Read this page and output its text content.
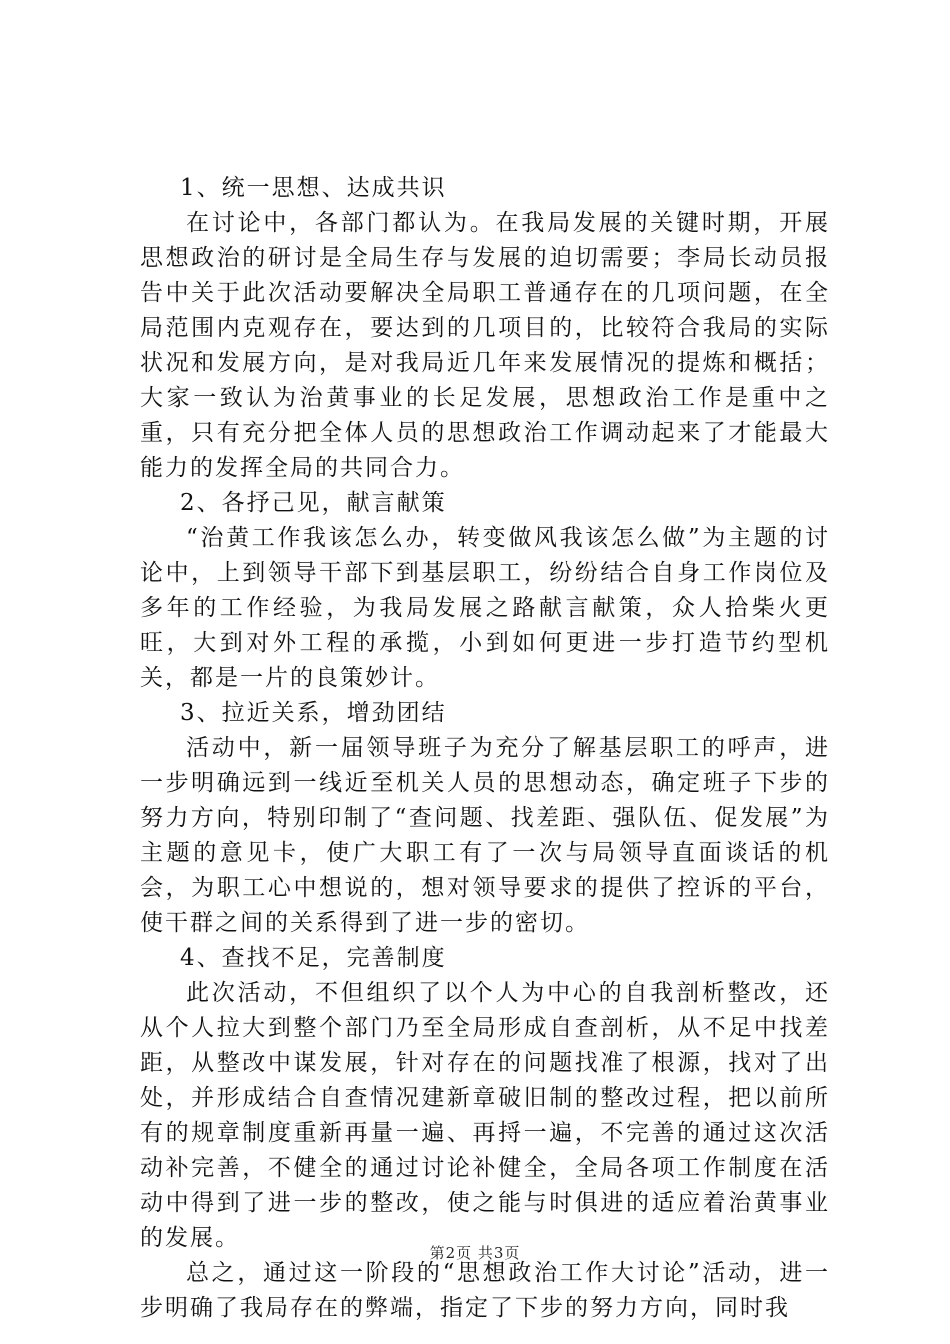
1、统一思想、达成共识

在讨论中，各部门都认为。在我局发展的关键时期，开展思想政治的研讨是全局生存与发展的迫切需要；李局长动员报告中关于此次活动要解决全局职工普通存在的几项问题，在全局范围内克观存在，要达到的几项目的，比较符合我局的实际状况和发展方向，是对我局近几年来发展情况的提炼和概括；大家一致认为治黄事业的长足发展，思想政治工作是重中之重，只有充分把全体人员的思想政治工作调动起来了才能最大能力的发挥全局的共同合力。

2、各抒己见，献言献策

“治黄工作我该怎么办，转变做风我该怎么做”为主题的讨论中，上到领导干部下到基层职工，纷纷结合自身工作岗位及多年的工作经验，为我局发展之路献言献策，众人拾柴火更旺，大到对外工程的承揽，小到如何更进一步打造节约型机关，都是一片的良策妙计。

3、拉近关系，增劲团结

活动中，新一届领导班子为充分了解基层职工的呼声，进一步明确远到一线近至机关人员的思想动态，确定班子下步的努力方向，特别印制了“查问题、找差距、强队伍、促发展”为主题的意见卡，使广大职工有了一次与局领导直面谈话的机会，为职工心中想说的，想对领导要求的提供了控诉的平台，使干群之间的关系得到了进一步的密切。

4、查找不足，完善制度

此次活动，不但组织了以个人为中心的自我剖析整改，还从个人拉大到整个部门乃至全局形成自查剖析，从不足中找差距，从整改中谋发展，针对存在的问题找准了根源，找对了出处，并形成结合自查情况建新章破旧制的整改过程，把以前所有的规章制度重新再量一遍、再捋一遍，不完善的通过这次活动补完善，不健全的通过讨论补健全，全局各项工作制度在活动中得到了进一步的整改，使之能与时俱进的适应着治黄事业的发展。

总之，通过这一阶段的“思想政治工作大讨论”活动，进一步明确了我局存在的弊端，指定了下步的努力方向，同时我

第2页 共3页
